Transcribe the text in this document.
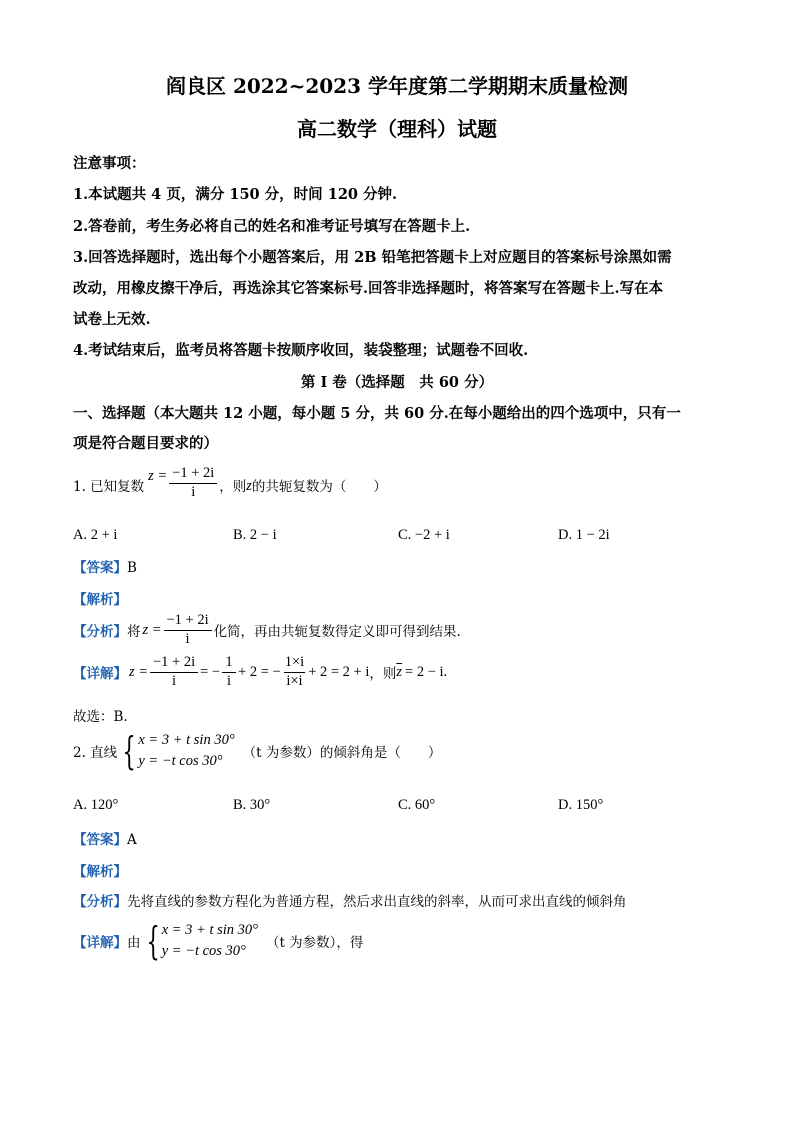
阎良区 2022~2023 学年度第二学期期末质量检测
高二数学（理科）试题
注意事项：
1.本试题共 4 页，满分 150 分，时间 120 分钟.
2.答卷前，考生务必将自己的姓名和准考证号填写在答题卡上.
3.回答选择题时，选出每个小题答案后，用 2B 铅笔把答题卡上对应题目的答案标号涂黑如需
改动，用橡皮擦干净后，再选涂其它答案标号.回答非选择题时，将答案写在答题卡上.写在本
试卷上无效.
4.考试结束后，监考员将答题卡按顺序收回，装袋整理；试题卷不回收.
第 I 卷（选择题　共 60 分）
一、选择题（本大题共 12 小题，每小题 5 分，共 60 分.在每小题给出的四个选项中，只有一
项是符合题目要求的）
1. 已知复数
$z = \frac{-1 + 2i}{i}$ ，则 z 的共轭复数为（　　）
A. 2 + i	B. 2 − i	C. −2 + i	D. 1 − 2i
【答案】B
【解析】
【分析】 将 $z = \frac{-1 + 2i}{i}$ 化简，再由共轭复数得定义即可得到结果.
【详解】 $z = \frac{-1 + 2i}{i}$ = − $\frac{1}{i} + 2$ = − $\frac{1\times i}{i\times i} + 2 = 2 + i$ ，则 $\overline{z} = 2 - i$ .
故选：B.
2. 直线 { x = 3 + t sin 30°
y = −t cos 30°	（t 为参数）的倾斜角是（　　）
A. 120°	B. 30°	C. 60°	D. 150°
【答案】A
【解析】
【分析】先将直线的参数方程化为普通方程，然后求出直线的斜率，从而可求出直线的倾斜角
【详解】 由 { x = 3 + t sin 30°
y = −t cos 30°	（t 为参数），得
